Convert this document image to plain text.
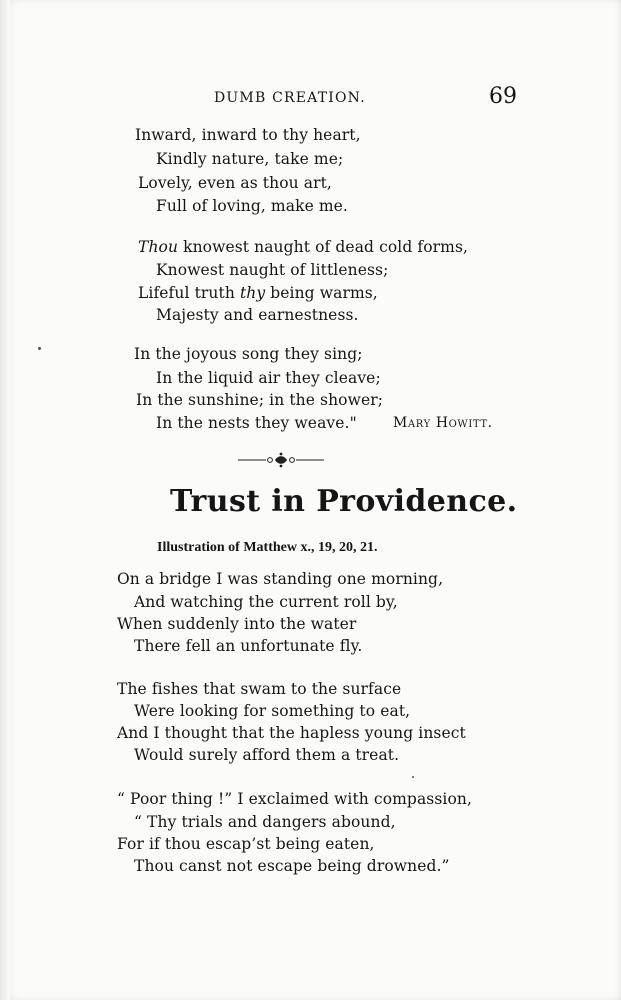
DUMB CREATION.	69
Inward, inward to thy heart,
Kindly nature, take me;
Lovely, even as thou art,
Full of loving, make me.
Thou knowest naught of dead cold forms,
Knowest naught of littleness;
Lifeful truth thy being warms,
Majesty and earnestness.
In the joyous song they sing;
In the liquid air they cleave;
In the sunshine; in the shower;
In the nests they weave."	Mary Howitt.
Trust in Providence.
Illustration of Matthew x., 19, 20, 21.
On a bridge I was standing one morning,
And watching the current roll by,
When suddenly into the water
There fell an unfortunate fly.
The fishes that swam to the surface
Were looking for something to eat,
And I thought that the hapless young insect
Would surely afford them a treat.
“ Poor thing !” I exclaimed with compassion,
“ Thy trials and dangers abound,
For if thou escap’st being eaten,
Thou canst not escape being drowned.”
